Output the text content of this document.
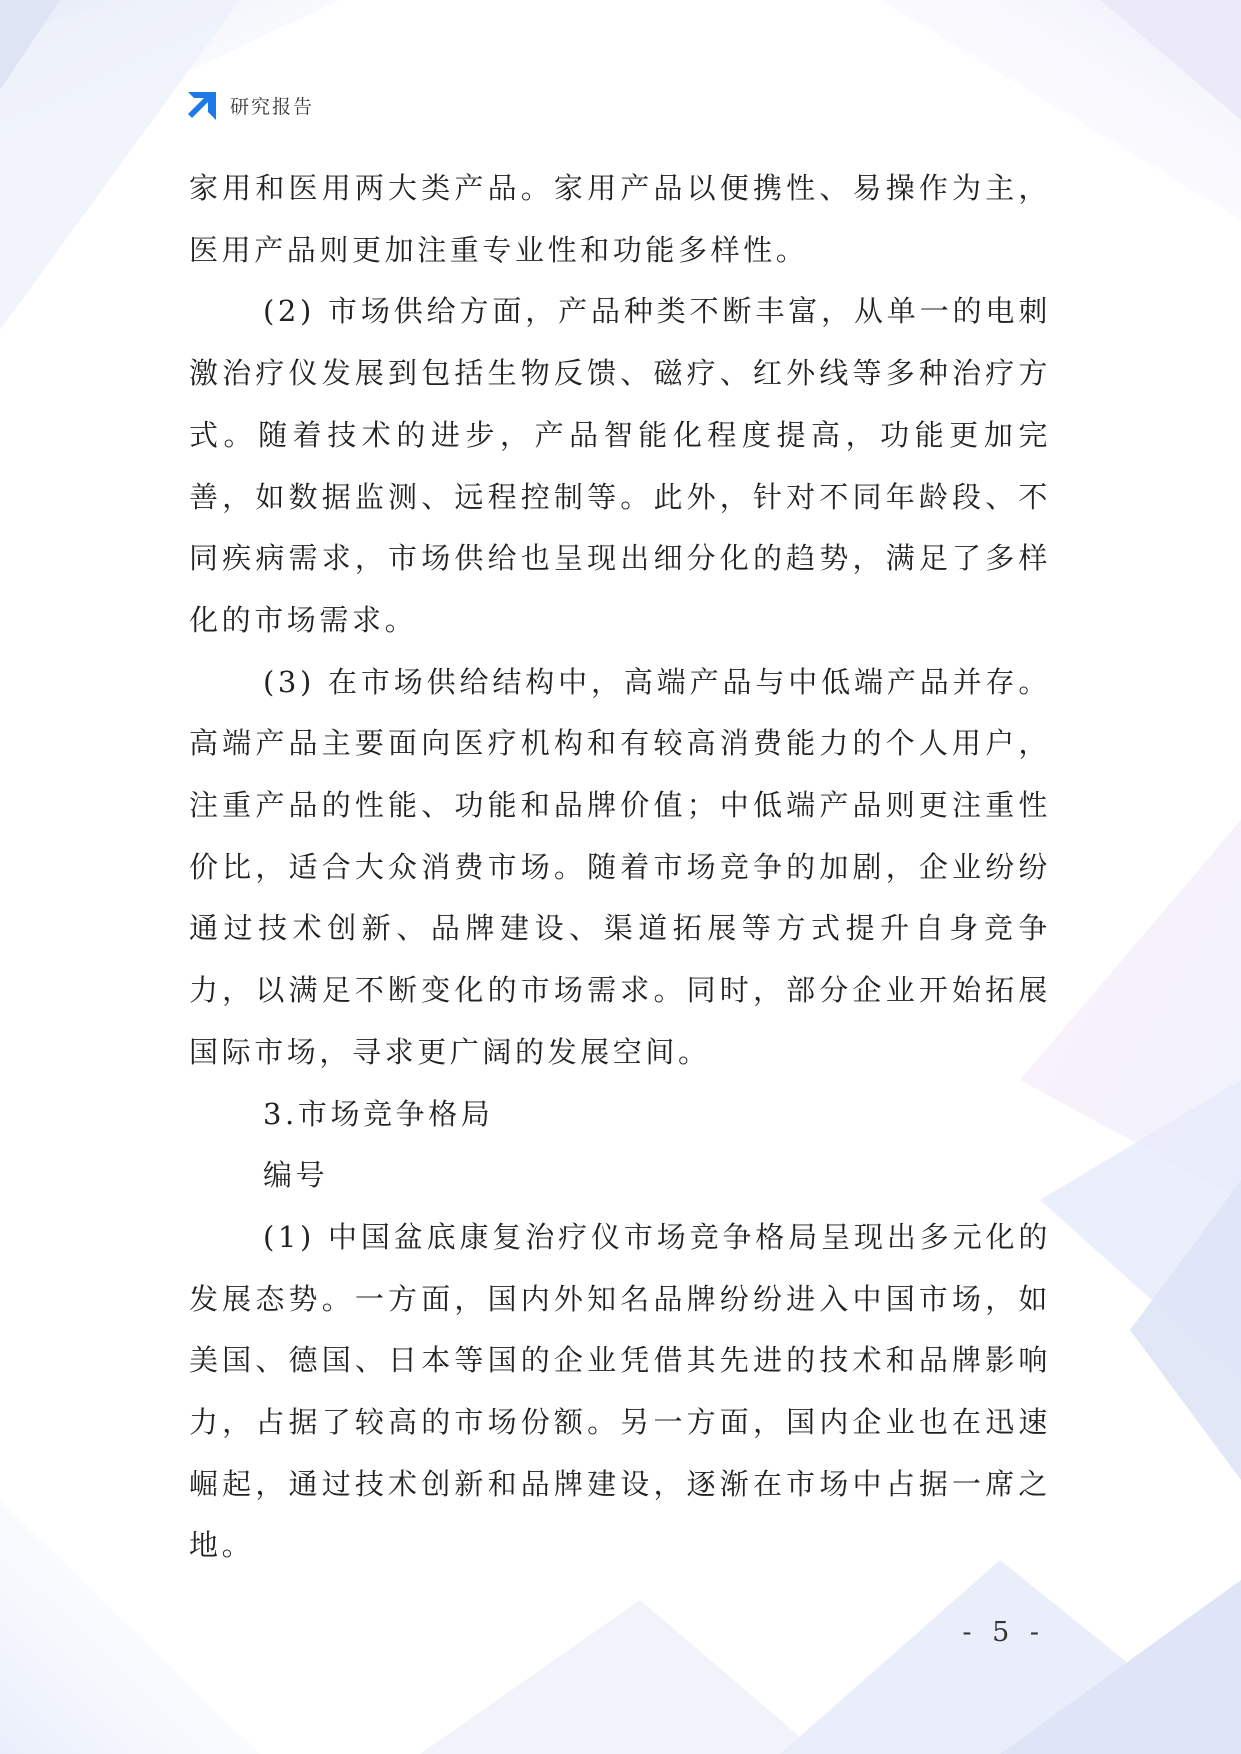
研究报告

家用和医用两大类产品。家用产品以便携性、易操作为主，医用产品则更加注重专业性和功能多样性。

(2) 市场供给方面，产品种类不断丰富，从单一的电刺激治疗仪发展到包括生物反馈、磁疗、红外线等多种治疗方式。随着技术的进步，产品智能化程度提高，功能更加完善，如数据监测、远程控制等。此外，针对不同年龄段、不同疾病需求，市场供给也呈现出细分化的趋势，满足了多样化的市场需求。

(3) 在市场供给结构中，高端产品与中低端产品并存。高端产品主要面向医疗机构和有较高消费能力的个人用户，注重产品的性能、功能和品牌价值；中低端产品则更注重性价比，适合大众消费市场。随着市场竞争的加剧，企业纷纷通过技术创新、品牌建设、渠道拓展等方式提升自身竞争力，以满足不断变化的市场需求。同时，部分企业开始拓展国际市场，寻求更广阔的发展空间。

3.市场竞争格局

编号

(1) 中国盆底康复治疗仪市场竞争格局呈现出多元化的发展态势。一方面，国内外知名品牌纷纷进入中国市场，如美国、德国、日本等国的企业凭借其先进的技术和品牌影响力，占据了较高的市场份额。另一方面，国内企业也在迅速崛起，通过技术创新和品牌建设，逐渐在市场中占据一席之地。

- 5 -
